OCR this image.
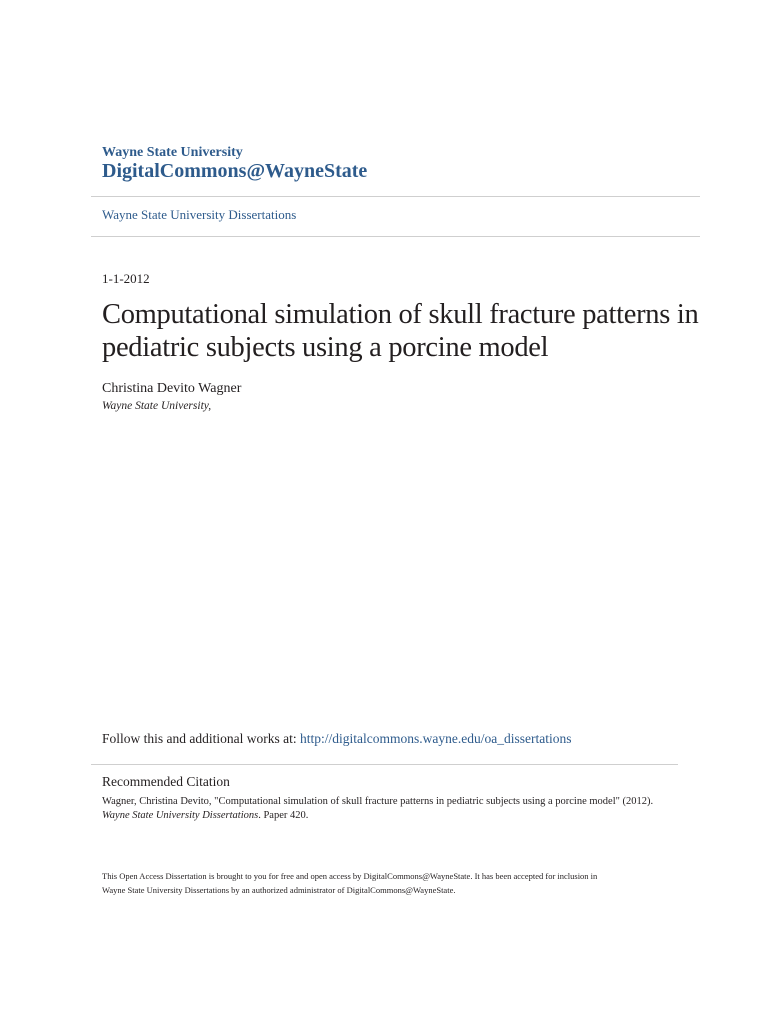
Wayne State University
DigitalCommons@WayneState
Wayne State University Dissertations
1-1-2012
Computational simulation of skull fracture patterns in pediatric subjects using a porcine model
Christina Devito Wagner
Wayne State University,
Follow this and additional works at: http://digitalcommons.wayne.edu/oa_dissertations
Recommended Citation
Wagner, Christina Devito, "Computational simulation of skull fracture patterns in pediatric subjects using a porcine model" (2012).
Wayne State University Dissertations. Paper 420.
This Open Access Dissertation is brought to you for free and open access by DigitalCommons@WayneState. It has been accepted for inclusion in
Wayne State University Dissertations by an authorized administrator of DigitalCommons@WayneState.
